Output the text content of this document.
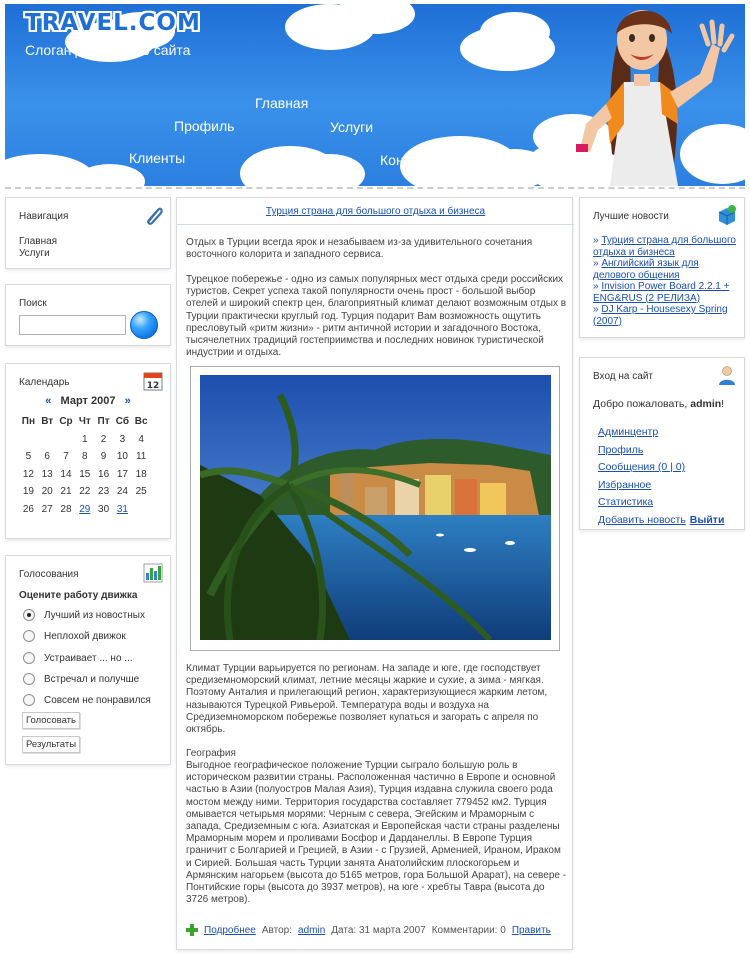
TRAVEL.COM
Слоган для вашего сайта
Главная
Профиль	Услуги
Клиенты	Контакты
Навигация
Главная
Услуги
Поиск
Календарь	12
« Март 2007 »
Пн	Вт	Ср	Чт	Пт	Сб	Вс
			1	2	3	4
5	6	7	8	9	10	11
12	13	14	15	16	17	18
19	20	21	22	23	24	25
26	27	28	29	30	31	
Голосования
Оцените работу движка
Лучший из новостных
Неплохой движок
Устраивает ... но ...
Встречал и получше
Совсем не понравился
Голосовать
Результаты
Турция страна для большого отдыха и бизнеса
Отдых в Турции всегда ярок и незабываем из-за удивительного сочетания восточного колорита и западного сервиса.
Турецкое побережье - одно из самых популярных мест отдыха среди российских туристов. Секрет успеха такой популярности очень прост - большой выбор отелей и широкий спектр цен, благоприятный климат делают возможным отдых в Турции практически круглый год. Турция подарит Вам возможность ощутить пресловутый «ритм жизни» - ритм античной истории и загадочного Востока, тысячелетних традиций гостеприимства и последних новинок туристической индустрии и отдыха.
Климат Турции варьируется по регионам. На западе и юге, где господствует средиземноморский климат, летние месяцы жаркие и сухие, а зима - мягкая. Поэтому Анталия и прилегающий регион, характеризующиеся жарким летом, называются Турецкой Ривьерой. Температура воды и воздуха на Средиземноморском побережье позволяет купаться и загорать с апреля по октябрь.
География
Выгодное географическое положение Турции сыграло большую роль в историческом развитии страны. Расположенная частично в Европе и основной частью в Азии (полуостров Малая Азия), Турция издавна служила своего рода мостом между ними. Территория государства составляет 779452 км2. Турция омывается четырьмя морями: Черным с севера, Эгейским и Мраморным с запада, Средиземным с юга. Азиатская и Европейская части страны разделены Мраморным морем и проливами Босфор и Дарданеллы. В Европе Турция граничит с Болгарией и Грецией, в Азии - с Грузией, Арменией, Ираном, Ираком и Сирией. Большая часть Турции занята Анатолийским плоскогорьем и Армянским нагорьем (высота до 5165 метров, гора Большой Арарат), на севере - Понтийские горы (высота до 3937 метров), на юге - хребты Тавра (высота до 3726 метров).
Подробнее Автор: admin Дата: 31 марта 2007 Комментарии: 0 Править
Лучшие новости
» Турция страна для большого отдыха и бизнеса
» Английский язык для делового общения
» Invision Power Board 2.2.1 + ENG&RUS (2 РЕЛИЗА)
» DJ Karp - Housesexy Spring (2007)
Вход на сайт
Добро пожаловать, admin!
Админцентр
Профиль
Сообщения (0 | 0)
Избранное
Статистика
Добавить новость Выйти
